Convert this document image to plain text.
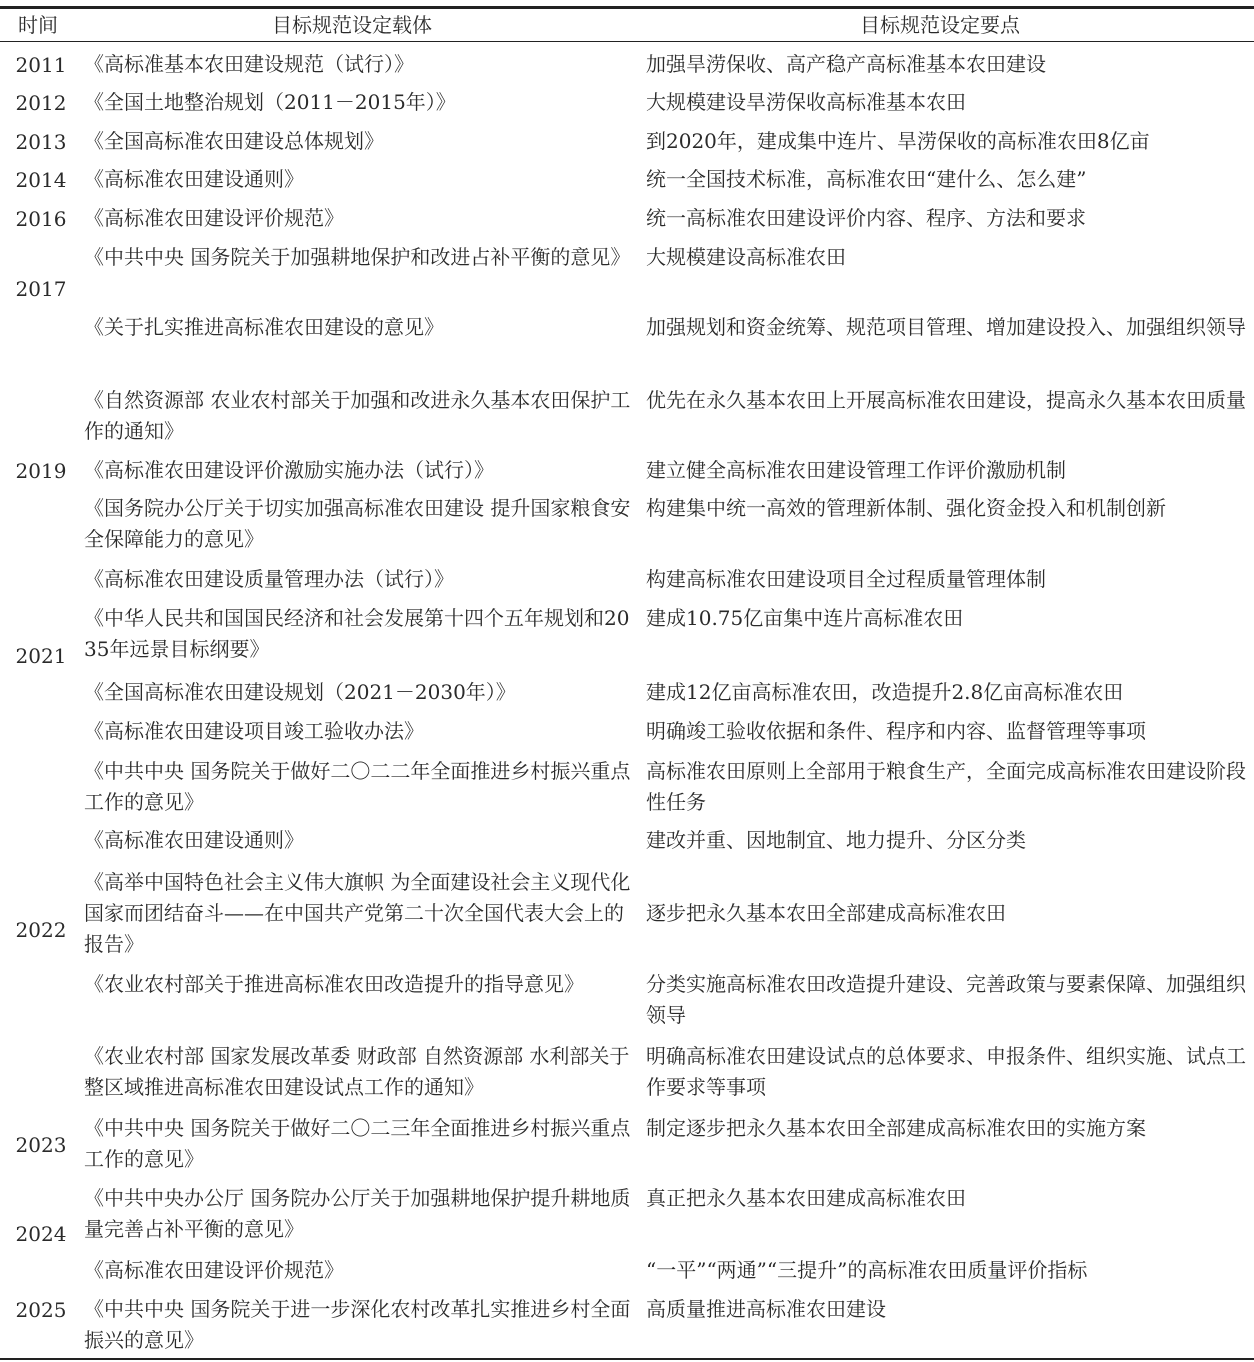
时间	目标规范设定载体	目标规范设定要点
2011
2012
2013
2014
2016
2017
2019
2021
2022
2023
2024
2025
《高标准基本农田建设规范（试行）》
《全国土地整治规划（2011－2015年）》
《全国高标准农田建设总体规划》
《高标准农田建设通则》
《高标准农田建设评价规范》
《中共中央 国务院关于加强耕地保护和改进占补平衡的意见》
《关于扎实推进高标准农田建设的意见》
《自然资源部 农业农村部关于加强和改进永久基本农田保护工作的通知》
《高标准农田建设评价激励实施办法（试行）》
《国务院办公厅关于切实加强高标准农田建设 提升国家粮食安全保障能力的意见》
《高标准农田建设质量管理办法（试行）》
《中华人民共和国国民经济和社会发展第十四个五年规划和2035年远景目标纲要》
《全国高标准农田建设规划（2021－2030年）》
《高标准农田建设项目竣工验收办法》
《中共中央 国务院关于做好二〇二二年全面推进乡村振兴重点工作的意见》
《高标准农田建设通则》
《高举中国特色社会主义伟大旗帜 为全面建设社会主义现代化国家而团结奋斗——在中国共产党第二十次全国代表大会上的报告》
《农业农村部关于推进高标准农田改造提升的指导意见》
《农业农村部 国家发展改革委 财政部 自然资源部 水利部关于整区域推进高标准农田建设试点工作的通知》
《中共中央 国务院关于做好二〇二三年全面推进乡村振兴重点工作的意见》
《中共中央办公厅 国务院办公厅关于加强耕地保护提升耕地质量完善占补平衡的意见》
《高标准农田建设评价规范》
《中共中央 国务院关于进一步深化农村改革扎实推进乡村全面振兴的意见》
加强旱涝保收、高产稳产高标准基本农田建设
大规模建设旱涝保收高标准基本农田
到2020年，建成集中连片、旱涝保收的高标准农田8亿亩
统一全国技术标准，高标准农田“建什么、怎么建”
统一高标准农田建设评价内容、程序、方法和要求
大规模建设高标准农田
加强规划和资金统筹、规范项目管理、增加建设投入、加强组织领导
优先在永久基本农田上开展高标准农田建设，提高永久基本农田质量
建立健全高标准农田建设管理工作评价激励机制
构建集中统一高效的管理新体制、强化资金投入和机制创新
构建高标准农田建设项目全过程质量管理体制
建成10.75亿亩集中连片高标准农田
建成12亿亩高标准农田，改造提升2.8亿亩高标准农田
明确竣工验收依据和条件、程序和内容、监督管理等事项
高标准农田原则上全部用于粮食生产，全面完成高标准农田建设阶段性任务
建改并重、因地制宜、地力提升、分区分类
逐步把永久基本农田全部建成高标准农田
分类实施高标准农田改造提升建设、完善政策与要素保障、加强组织领导
明确高标准农田建设试点的总体要求、申报条件、组织实施、试点工作要求等事项
制定逐步把永久基本农田全部建成高标准农田的实施方案
真正把永久基本农田建成高标准农田
“一平”“两通”“三提升”的高标准农田质量评价指标
高质量推进高标准农田建设
